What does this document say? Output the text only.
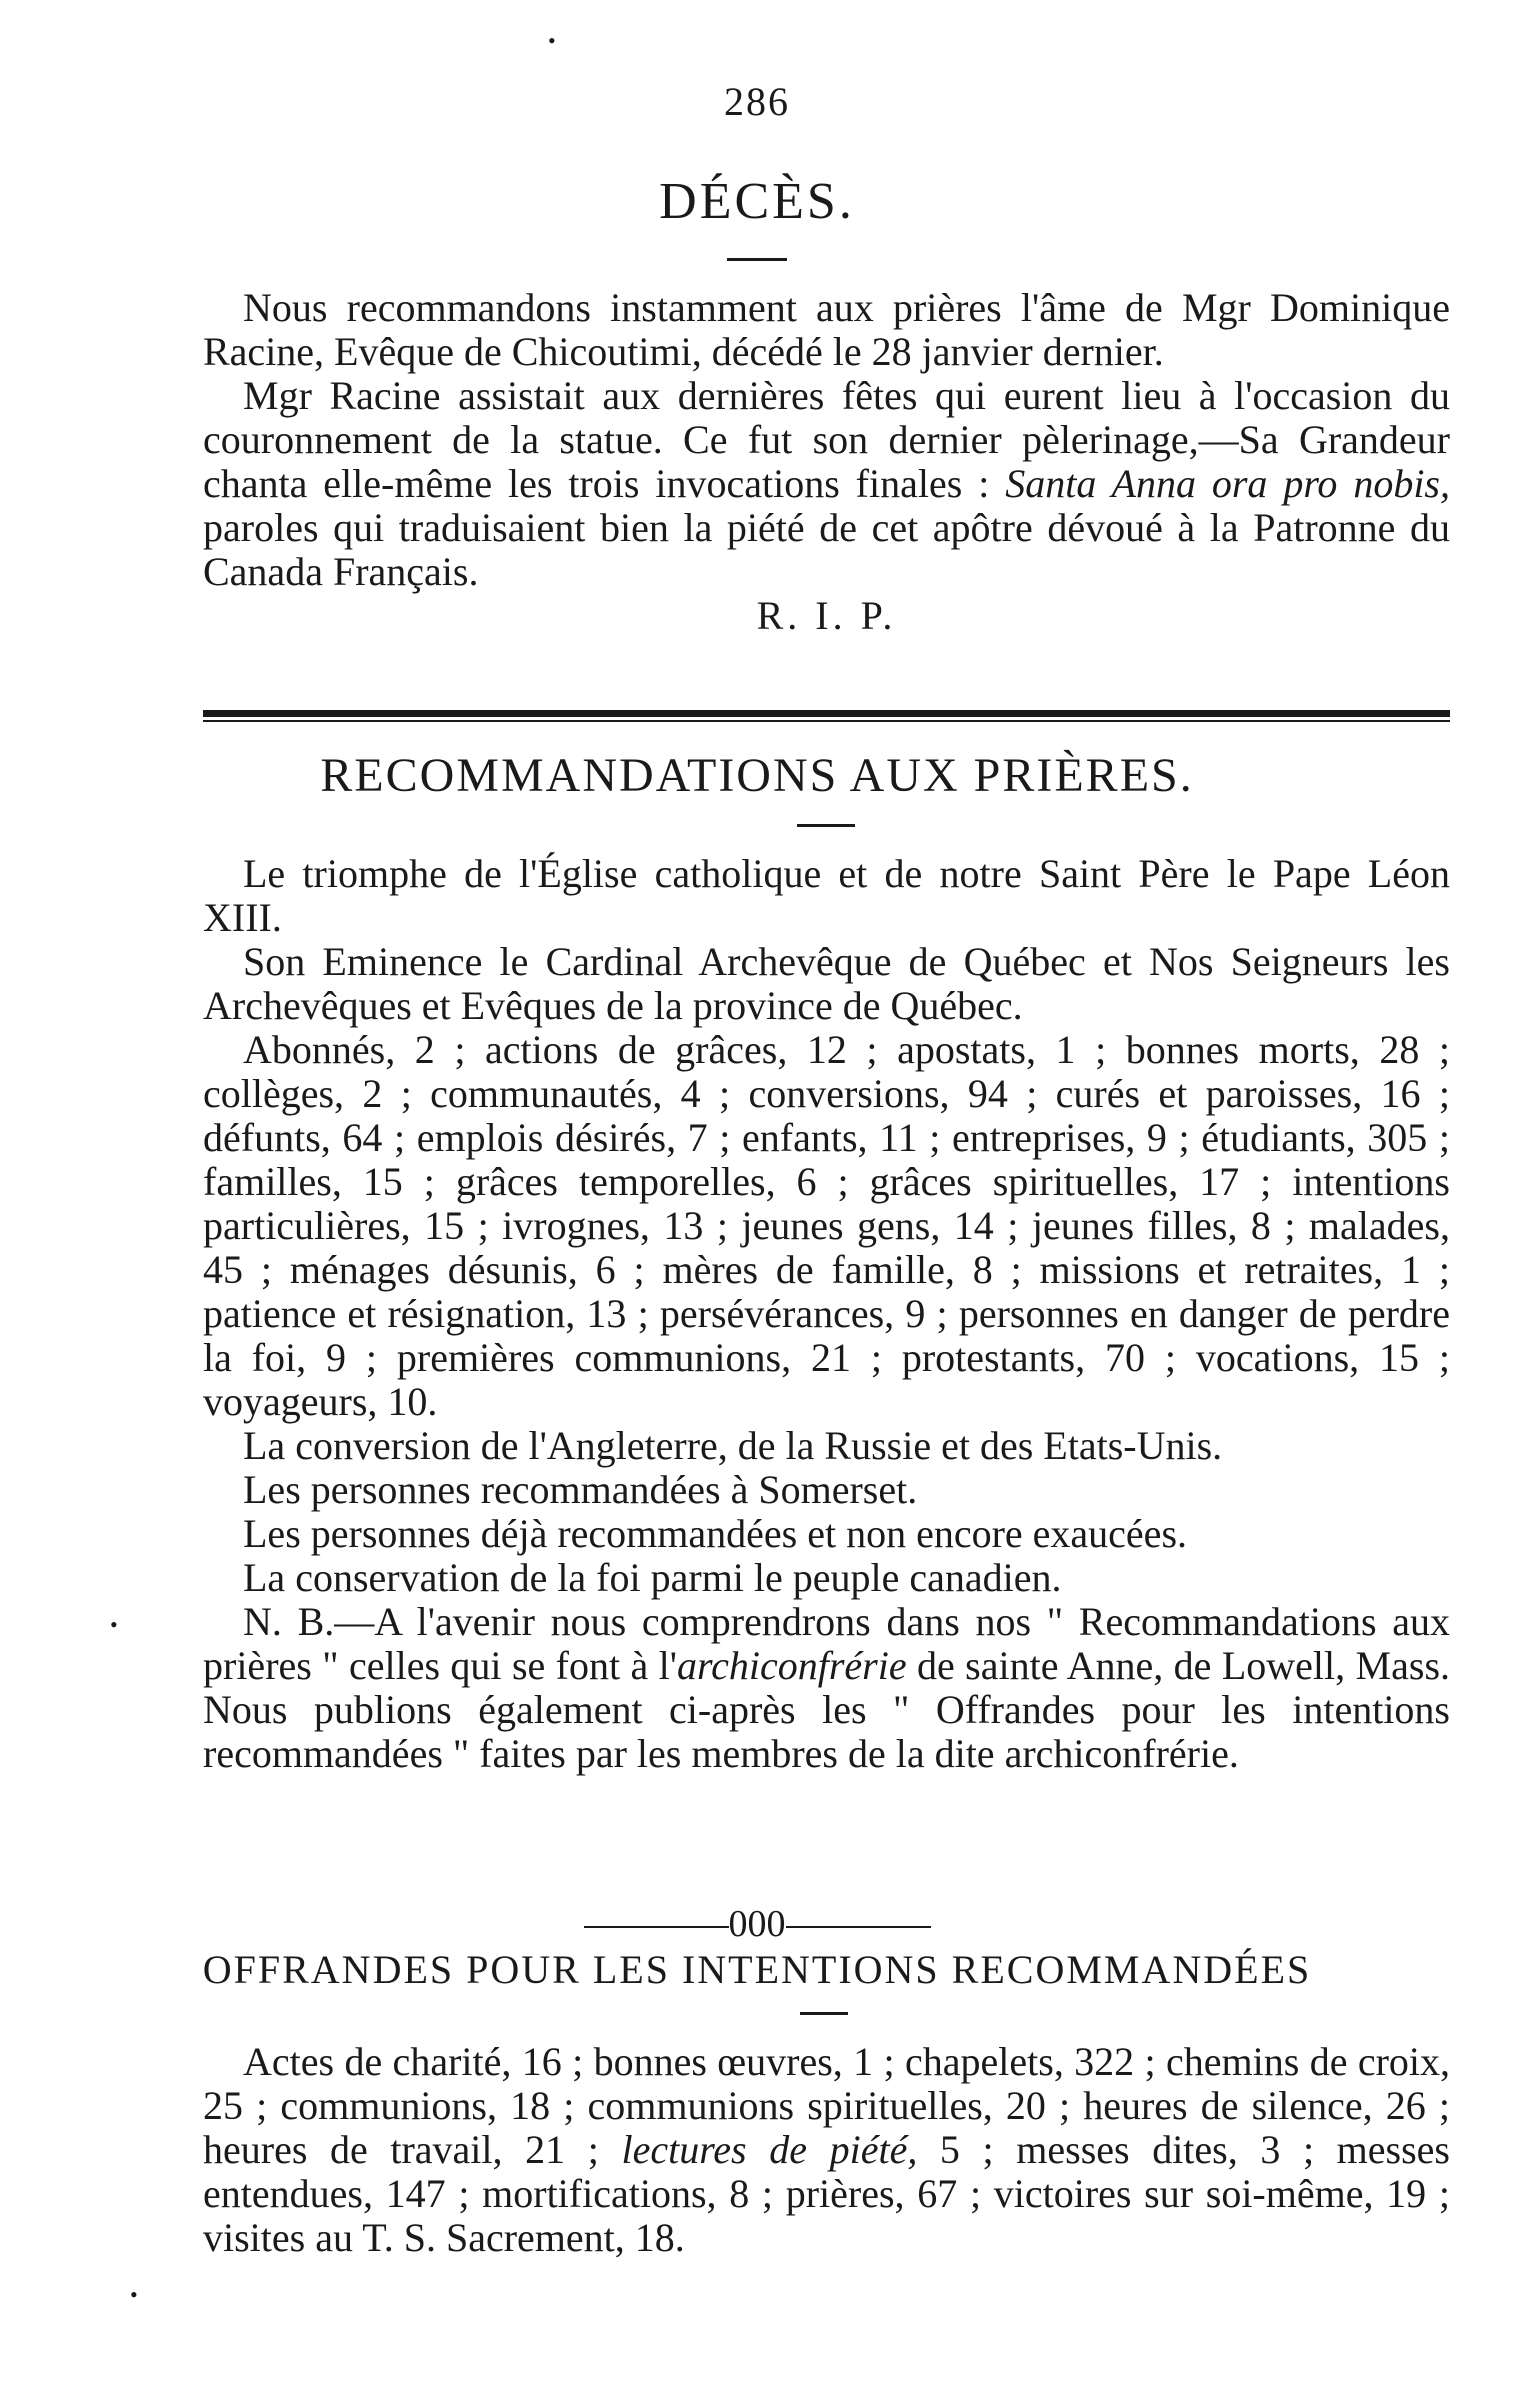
•
286
DÉCÈS.

Nous recommandons instamment aux prières l'âme de Mgr Dominique Racine, Evêque de Chicoutimi, décédé le 28 janvier dernier.

Mgr Racine assistait aux dernières fêtes qui eurent lieu à l'occasion du couronnement de la statue. Ce fut son dernier pèlerinage,—Sa Grandeur chanta elle-même les trois invocations finales : Santa Anna ora pro nobis, paroles qui traduisaient bien la piété de cet apôtre dévoué à la Patronne du Canada Français.

R. I. P.
RECOMMANDATIONS AUX PRIÈRES.

Le triomphe de l'Église catholique et de notre Saint Père le Pape Léon XIII.

Son Eminence le Cardinal Archevêque de Québec et Nos Seigneurs les Archevêques et Evêques de la province de Québec.

Abonnés, 2 ; actions de grâces, 12 ; apostats, 1 ; bonnes morts, 28 ; collèges, 2 ; communautés, 4 ; conversions, 94 ; curés et paroisses, 16 ; défunts, 64 ; emplois désirés, 7 ; enfants, 11 ; entreprises, 9 ; étudiants, 305 ; familles, 15 ; grâces temporelles, 6 ; grâces spirituelles, 17 ; intentions particulières, 15 ; ivrognes, 13 ; jeunes gens, 14 ; jeunes filles, 8 ; malades, 45 ; ménages désunis, 6 ; mères de famille, 8 ; missions et retraites, 1 ; patience et résignation, 13 ; persévérances, 9 ; personnes en danger de perdre la foi, 9 ; premières communions, 21 ; protestants, 70 ; vocations, 15 ; voyageurs, 10.

La conversion de l'Angleterre, de la Russie et des Etats-Unis.

Les personnes recommandées à Somerset.

Les personnes déjà recommandées et non encore exaucées.

La conservation de la foi parmi le peuple canadien.

N. B.—A l'avenir nous comprendrons dans nos " Recommandations aux prières " celles qui se font à l'archiconfrérie de sainte Anne, de Lowell, Mass. Nous publions également ci-après les " Offrandes pour les intentions recommandées " faites par les membres de la dite archiconfrérie.

•
000
OFFRANDES POUR LES INTENTIONS RECOMMANDÉES

Actes de charité, 16 ; bonnes œuvres, 1 ; chapelets, 322 ; chemins de croix, 25 ; communions, 18 ; communions spirituelles, 20 ; heures de silence, 26 ; heures de travail, 21 ; lectures de piété, 5 ; messes dites, 3 ; messes entendues, 147 ; mortifications, 8 ; prières, 67 ; victoires sur soi-même, 19 ; visites au T. S. Sacrement, 18.

•
